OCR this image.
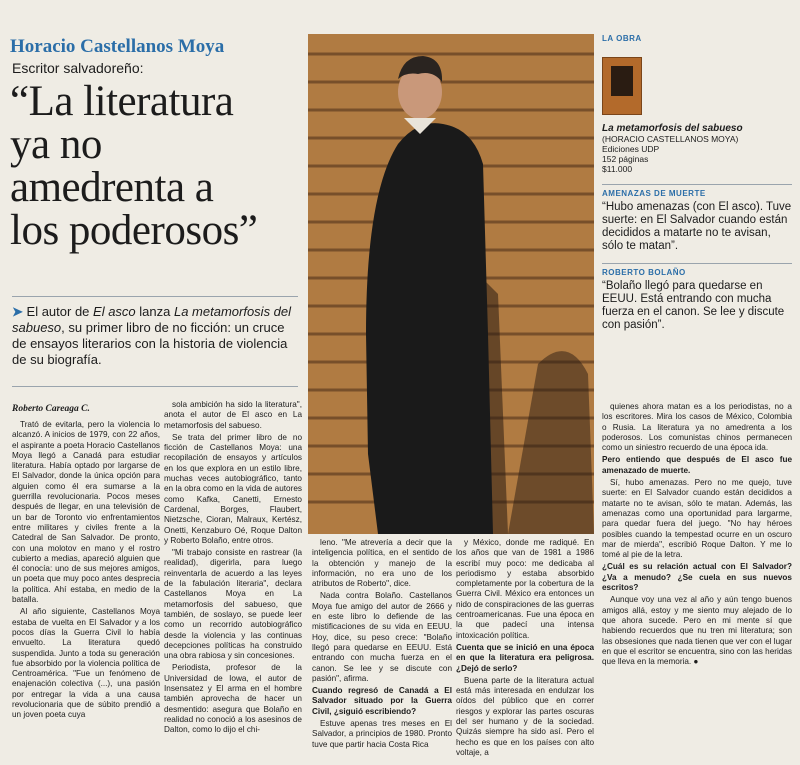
Horacio Castellanos Moya
Escritor salvadoreño:
“La literatura
ya no
amedrenta a
los poderosos”
➤ El autor de El asco lanza La metamorfosis del sabueso, su primer libro de no ficción: un cruce de ensayos literarios con la historia de violencia de su biografía.
LA OBRA
La metamorfosis del sabueso
(HORACIO CASTELLANOS MOYA)
Ediciones UDP
152 páginas
$11.000
AMENAZAS DE MUERTE
“Hubo amenazas (con El asco). Tuve suerte: en El Salvador cuando están decididos a matarte no te avisan, sólo te matan”.
ROBERTO BOLAÑO
“Bolaño llegó para quedarse en EEUU. Está entrando con mucha fuerza en el canon. Se lee y discute con pasión”.
Roberto Careaga C.

Trató de evitarla, pero la violencia lo alcanzó. A inicios de 1979, con 22 años, el aspirante a poeta Horacio Castellanos Moya llegó a Canadá para estudiar literatura. Había optado por largarse de El Salvador, donde la única opción para alguien como él era sumarse a la guerrilla revolucionaria. Pocos meses después de llegar, en una televisión de un bar de Toronto vio enfrentamientos entre militares y civiles frente a la Catedral de San Salvador. De pronto, con una molotov en mano y el rostro cubierto a medias, apareció alguien que él conocía: uno de sus mejores amigos, un poeta que muy poco antes desprecia la política. Ahí estaba, en medio de la batalla.

Al año siguiente, Castellanos Moya estaba de vuelta en El Salvador y a los pocos días la Guerra Civil lo había envuelto. La literatura quedó suspendida. Junto a toda su generación fue absorbido por la violencia política de Centroamérica. "Fue un fenómeno de enajenación colectiva (...), una pasión por entregar la vida a una causa revolucionaria que de súbito prendió a un joven poeta cuya

sola ambición ha sido la literatura", anota el autor de El asco en La metamorfosis del sabueso.

Se trata del primer libro de no ficción de Castellanos Moya: una recopilación de ensayos y artículos en los que explora en un estilo libre, muchas veces autobiográfico, tanto en la obra como en la vida de autores como Kafka, Canetti, Ernesto Cardenal, Borges, Flaubert, Nietzsche, Cioran, Malraux, Kertész, Onetti, Kenzaburo Oé, Roque Dalton y Roberto Bolaño, entre otros.

"Mi trabajo consiste en rastrear (la realidad), digerirla, para luego reinventarla de acuerdo a las leyes de la fabulación literaria", declara Castellanos Moya en La metamorfosis del sabueso, que también, de soslayo, se puede leer como un recorrido autobiográfico desde la violencia y las continuas decepciones políticas ha construido una obra rabiosa y sin concesiones.

Periodista, profesor de la Universidad de Iowa, el autor de Insensatez y El arma en el hombre también aprovecha de hacer un desmentido: asegura que Bolaño en realidad no conoció a los asesinos de Dalton, como lo dijo el chi-

leno. "Me atrevería a decir que la inteligencia política, en el sentido de la obtención y manejo de la información, no era uno de los atributos de Roberto", dice.

Nada contra Bolaño. Castellanos Moya fue amigo del autor de 2666 y en este libro lo defiende de las mistificaciones de su vida en EEUU. Hoy, dice, su peso crece: "Bolaño llegó para quedarse en EEUU. Está entrando con mucha fuerza en el canon. Se lee y se discute con pasión", afirma.

Cuando regresó de Canadá a El Salvador situado por la Guerra Civil, ¿siguió escribiendo?

Estuve apenas tres meses en El Salvador, a principios de 1980. Pronto tuve que partir hacia Costa Rica

y México, donde me radiqué. En los años que van de 1981 a 1986 escribí muy poco: me dedicaba al periodismo y estaba absorbido completamente por la cobertura de la Guerra Civil. México era entonces un nido de conspiraciones de las guerras centroamericanas. Fue una época en la que padecí una intensa intoxicación política.

Cuenta que se inició en una época en que la literatura era peligrosa. ¿Dejó de serlo?

Buena parte de la literatura actual está más interesada en endulzar los oídos del público que en correr riesgos y explorar las partes oscuras del ser humano y de la sociedad. Quizás siempre ha sido así. Pero el hecho es que en los países con alto voltaje, a

quienes ahora matan es a los periodistas, no a los escritores. Mira los casos de México, Colombia o Rusia. La literatura ya no amedrenta a los poderosos. Los comunistas chinos permanecen como un siniestro recuerdo de una época ida.

Pero entiendo que después de El asco fue amenazado de muerte.

Sí, hubo amenazas. Pero no me quejo, tuve suerte: en El Salvador cuando están decididos a matarte no te avisan, sólo te matan. Además, las amenazas como una oportunidad para largarme, para quedar fuera del juego. "No hay héroes posibles cuando la tempestad ocurre en un oscuro mar de mierda", escribió Roque Dalton. Y me lo tomé al pie de la letra.

¿Cuál es su relación actual con El Salvador? ¿Va a menudo? ¿Se cuela en sus nuevos escritos?

Aunque voy una vez al año y aún tengo buenos amigos allá, estoy y me siento muy alejado de lo que ahora sucede. Pero en mi mente sí que habiendo recuerdos que nu tren mi literatura; son las obsesiones que nada tienen que ver con el lugar en que el escritor se encuentra, sino con las heridas que lleva en la memoria. ●
